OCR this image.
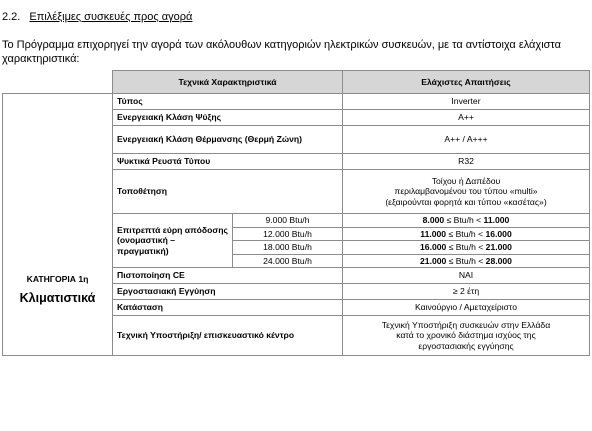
2.2. Επιλέξιμες συσκευές προς αγορά
Το Πρόγραμμα επιχορηγεί την αγορά των ακόλουθων κατηγοριών ηλεκτρικών συσκευών, με τα αντίστοιχα ελάχιστα χαρακτηριστικά:
	Τεχνικά Χαρακτηριστικά		Ελάχιστες Απαιτήσεις

ΚΑΤΗΓΟΡΙΑ 1η
Κλιματιστικά	Τύπος		Inverter
	Ενεργειακή Κλάση Ψύξης		A++
	Ενεργειακή Κλάση Θέρμανσης (Θερμή Ζώνη)		A++ / A+++
	Ψυκτικά Ρευστά Τύπου		R32
	Τοποθέτηση		Τοίχου ή Δαπέδου
περιλαμβανομένου του τύπου «multi»
(εξαιρούνται φορητά και τύπου «κασέτας»)

	Επιτρεπτά εύρη απόδοσης (ονομαστική – πραγματική)	9.000 Btu/h	8.000 ≤ Btu/h < 11.000
		12.000 Btu/h	11.000 ≤ Btu/h < 16.000
		18.000 Btu/h	16.000 ≤ Btu/h < 21.000
		24.000 Btu/h	21.000 ≤ Btu/h < 28.000
	Πιστοποίηση CE		ΝΑΙ
	Εργοστασιακή Εγγύηση		≥ 2 έτη
	Κατάσταση		Καινούργιο / Αμεταχείριστο
	Τεχνική Υποστήριξη/ επισκευαστικό κέντρο		Τεχνική Υποστήριξη συσκευών στην Ελλάδα
κατά το χρονικό διάστημα ισχύος της
εργοστασιακής εγγύησης
